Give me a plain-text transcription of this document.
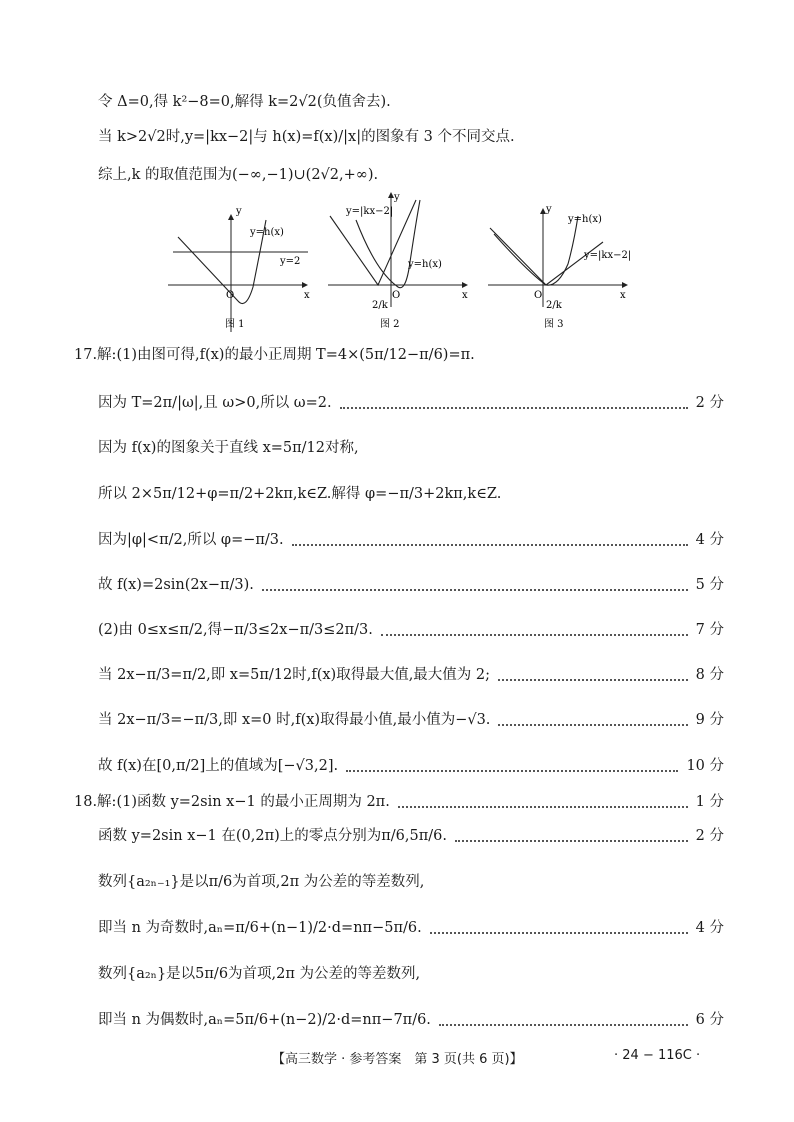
令 Δ=0,得 k²−8=0,解得 k=2√2(负值舍去).
当 k>2√2时,y=|kx−2|与 h(x)=f(x)/|x|的图象有 3 个不同交点.
综上,k 的取值范围为(−∞,−1)∪(2√2,+∞).
17.解:(1)由图可得,f(x)的最小正周期 T=4×(5π/12−π/6)=π.
因为 T=2π/|ω|,且 ω>0,所以 ω=2.	2 分
因为 f(x)的图象关于直线 x=5π/12对称,
所以 2×5π/12+φ=π/2+2kπ,k∈Z.解得 φ=−π/3+2kπ,k∈Z.
因为|φ|<π/2,所以 φ=−π/3.	4 分
故 f(x)=2sin(2x−π/3).	5 分
(2)由 0≤x≤π/2,得−π/3≤2x−π/3≤2π/3.	7 分
当 2x−π/3=π/2,即 x=5π/12时,f(x)取得最大值,最大值为 2;	8 分
当 2x−π/3=−π/3,即 x=0 时,f(x)取得最小值,最小值为−√3.	9 分
故 f(x)在[0,π/2]上的值域为[−√3,2].	10 分
18.解:(1)函数 y=2sin x−1 的最小正周期为 2π.	1 分
函数 y=2sin x−1 在(0,2π)上的零点分别为π/6,5π/6.	2 分
数列{a₂ₙ₋₁}是以π/6为首项,2π 为公差的等差数列,
即当 n 为奇数时,aₙ=π/6+(n−1)/2·d=nπ−5π/6.	4 分
数列{a₂ₙ}是以5π/6为首项,2π 为公差的等差数列,
即当 n 为偶数时,aₙ=5π/6+(n−2)/2·d=nπ−7π/6.	6 分
y
x
O
y=h(x)
y=2
图 1
y
x
O
y=|kx−2|
y=h(x)
2/k
图 2
y
x
O
y=h(x)
y=|kx−2|
2/k
图 3
【高三数学 · 参考答案　第 3 页(共 6 页)】	· 24 − 116C ·
